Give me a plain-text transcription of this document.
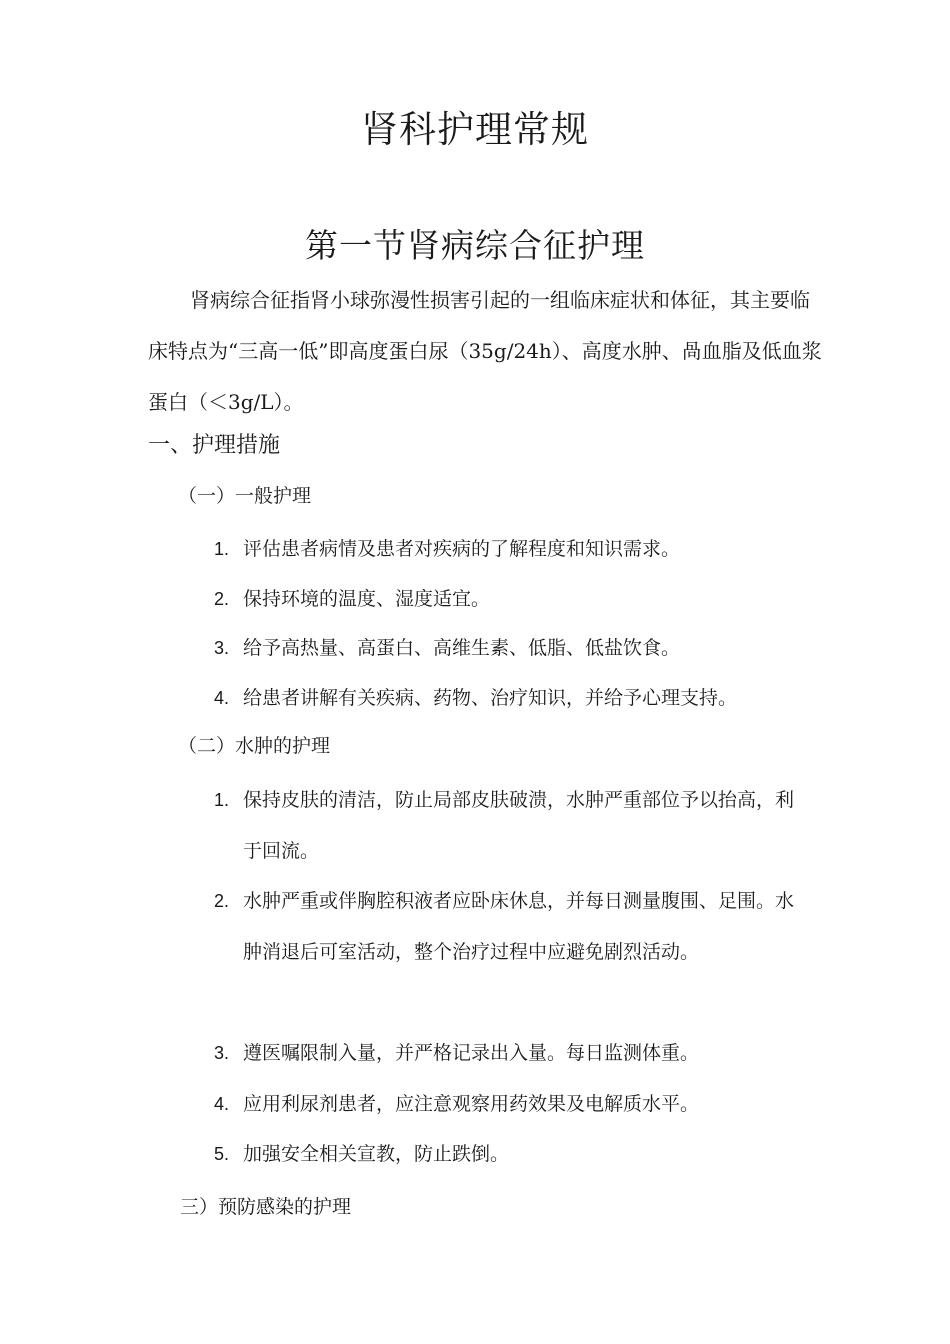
肾科护理常规
第一节肾病综合征护理

肾病综合征指肾小球弥漫性损害引起的一组临床症状和体征，其主要临床特点为“三高一低”即高度蛋白尿（35g/24h）、高度水肿、咼血脂及低血浆蛋白（＜3g/L）。

一、护理措施
（一）一般护理
1. 评估患者病情及患者对疾病的了解程度和知识需求。
2. 保持环境的温度、湿度适宜。
3. 给予高热量、高蛋白、高维生素、低脂、低盐饮食。
4. 给患者讲解有关疾病、药物、治疗知识，并给予心理支持。
（二）水肿的护理
1. 保持皮肤的清洁，防止局部皮肤破溃，水肿严重部位予以抬高，利于回流。
2. 水肿严重或伴胸腔积液者应卧床休息，并每日测量腹围、足围。水肿消退后可室活动，整个治疗过程中应避免剧烈活动。
3. 遵医嘱限制入量，并严格记录出入量。每日监测体重。
4. 应用利尿剂患者，应注意观察用药效果及电解质水平。
5. 加强安全相关宣教，防止跌倒。
三）预防感染的护理
